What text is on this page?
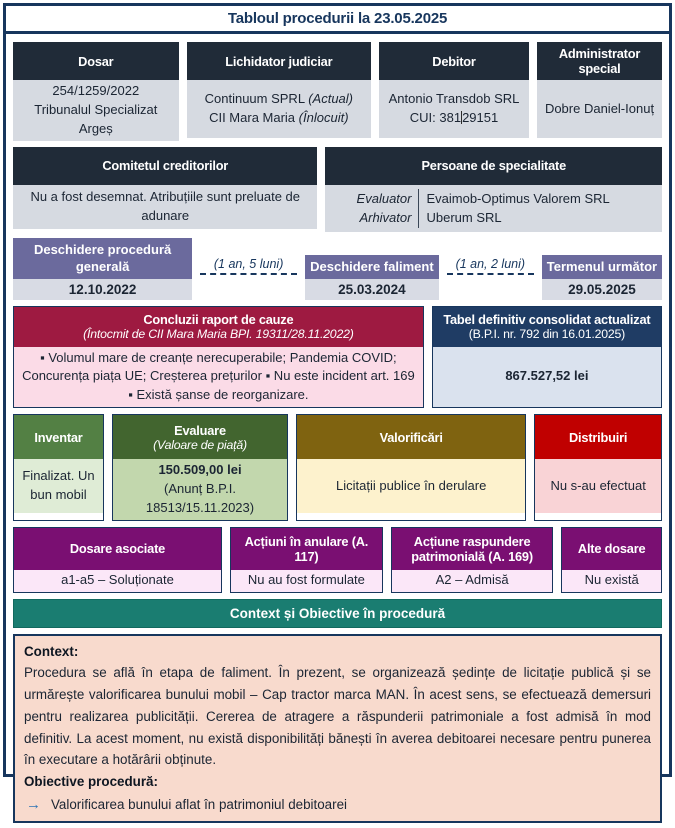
Tabloul procedurii la 23.05.2025
Dosar
254/1259/2022
Tribunalul Specializat Argeș
Lichidator judiciar
Continuum SPRL (Actual)
CII Mara Maria (Înlocuit)
Debitor
Antonio Transdob SRL
CUI: 38129151
Administrator special
Dobre Daniel-Ionuț
Comitetul creditorilor
Nu a fost desemnat. Atribuțiile sunt preluate de adunare
Persoane de specialitate
Evaluator	Evaimob-Optimus Valorem SRL
Arhivator	Uberum SRL
Deschidere procedură generală
12.10.2022
(1 an, 5 luni)	Deschidere faliment
25.03.2024
(1 an, 2 luni)	Termenul următor
29.05.2025
Concluzii raport de cauze
(Întocmit de CII Mara Maria BPI. 19311/28.11.2022)
▪ Volumul mare de creanțe nerecuperabile; Pandemia COVID; Concurența piața UE; Creșterea prețurilor ▪ Nu este incident art. 169 ▪ Există șanse de reorganizare.
Tabel definitiv consolidat actualizat
(B.P.I. nr. 792 din 16.01.2025)
867.527,52 lei
Inventar
Finalizat. Un bun mobil
Evaluare
(Valoare de piață)
150.509,00 lei
(Anunț B.P.I. 18513/15.11.2023)
Valorificări
Licitații publice în derulare
Distribuiri
Nu s-au efectuat
Dosare asociate
a1-a5 – Soluționate
Acțiuni în anulare (A. 117)
Nu au fost formulate
Acțiune raspundere patrimonială (A. 169)
A2 – Admisă
Alte dosare
Nu există
Context și Obiective în procedură
Context:
Procedura se află în etapa de faliment. În prezent, se organizează ședințe de licitație publică și se urmărește valorificarea bunului mobil – Cap tractor marca MAN. În acest sens, se efectuează demersuri pentru realizarea publicității. Cererea de atragere a răspunderii patrimoniale a fost admisă în mod definitiv. La acest moment, nu există disponibilități bănești în averea debitoarei necesare pentru punerea în executare a hotărârii obținute.
Obiective procedură:
→ Valorificarea bunului aflat în patrimoniul debitoarei
